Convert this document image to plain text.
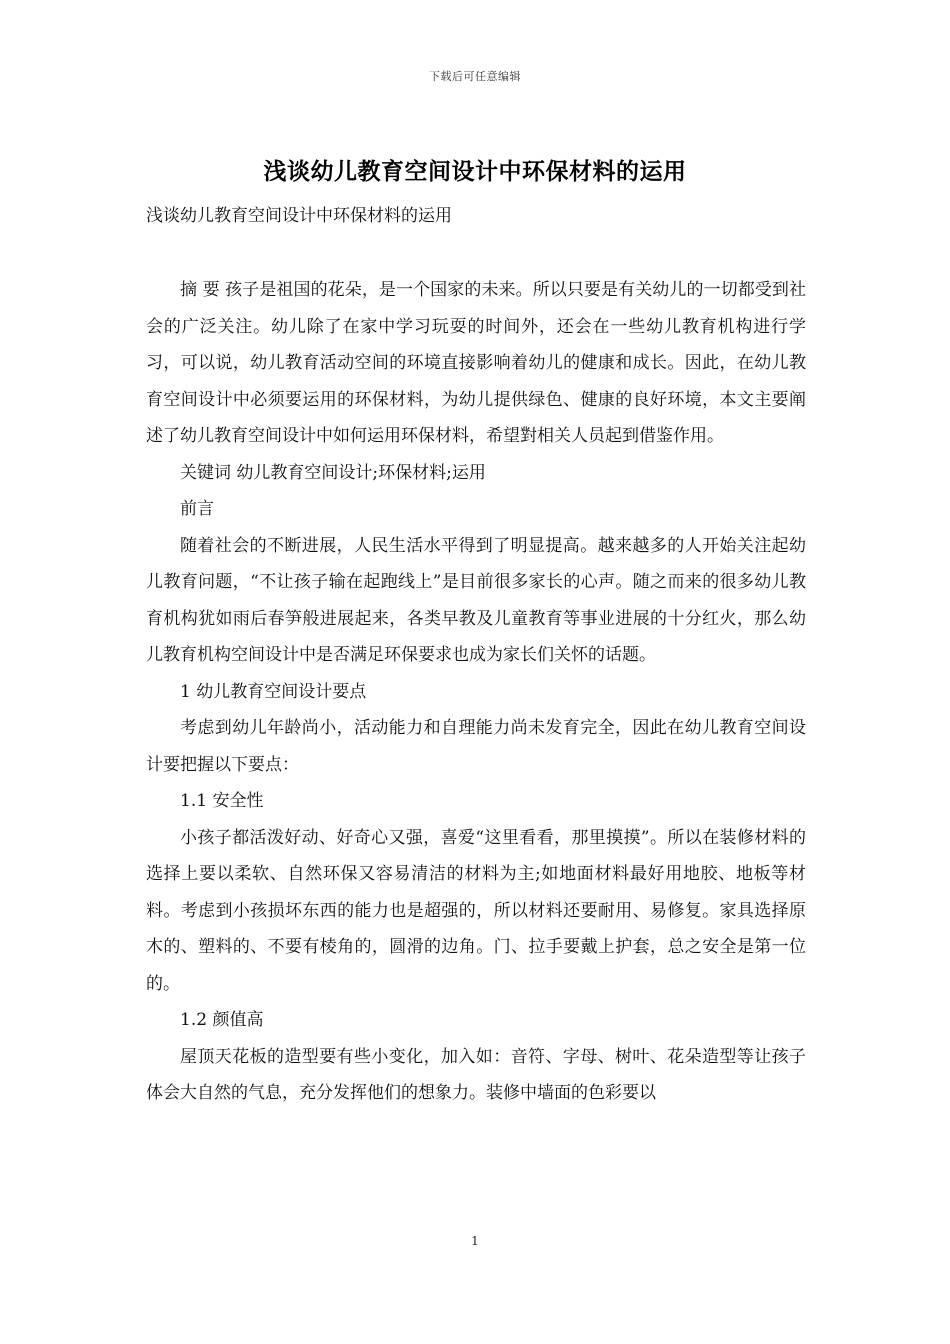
下载后可任意编辑
浅谈幼儿教育空间设计中环保材料的运用
浅谈幼儿教育空间设计中环保材料的运用

摘 要 孩子是祖国的花朵，是一个国家的未来。所以只要是有关幼儿的一切都受到社会的广泛关注。幼儿除了在家中学习玩耍的时间外，还会在一些幼儿教育机构进行学习，可以说，幼儿教育活动空间的环境直接影响着幼儿的健康和成长。因此，在幼儿教育空间设计中必须要运用的环保材料，为幼儿提供绿色、健康的良好环境，本文主要阐述了幼儿教育空间设计中如何运用环保材料，希望對相关人员起到借鉴作用。

关键词 幼儿教育空间设计;环保材料;运用

前言

随着社会的不断进展，人民生活水平得到了明显提高。越来越多的人开始关注起幼儿教育问题，“不让孩子输在起跑线上”是目前很多家长的心声。随之而来的很多幼儿教育机构犹如雨后春笋般进展起来，各类早教及儿童教育等事业进展的十分红火，那么幼儿教育机构空间设计中是否满足环保要求也成为家长们关怀的话题。

1 幼儿教育空间设计要点

考虑到幼儿年龄尚小，活动能力和自理能力尚未发育完全，因此在幼儿教育空间设计要把握以下要点：

1.1 安全性

小孩子都活泼好动、好奇心又强，喜爱“这里看看，那里摸摸”。所以在装修材料的选择上要以柔软、自然环保又容易清洁的材料为主;如地面材料最好用地胶、地板等材料。考虑到小孩损坏东西的能力也是超强的，所以材料还要耐用、易修复。家具选择原木的、塑料的、不要有棱角的，圆滑的边角。门、拉手要戴上护套，总之安全是第一位的。

1.2 颜值高

屋顶天花板的造型要有些小变化，加入如：音符、字母、树叶、花朵造型等让孩子体会大自然的气息，充分发挥他们的想象力。装修中墙面的色彩要以

1
